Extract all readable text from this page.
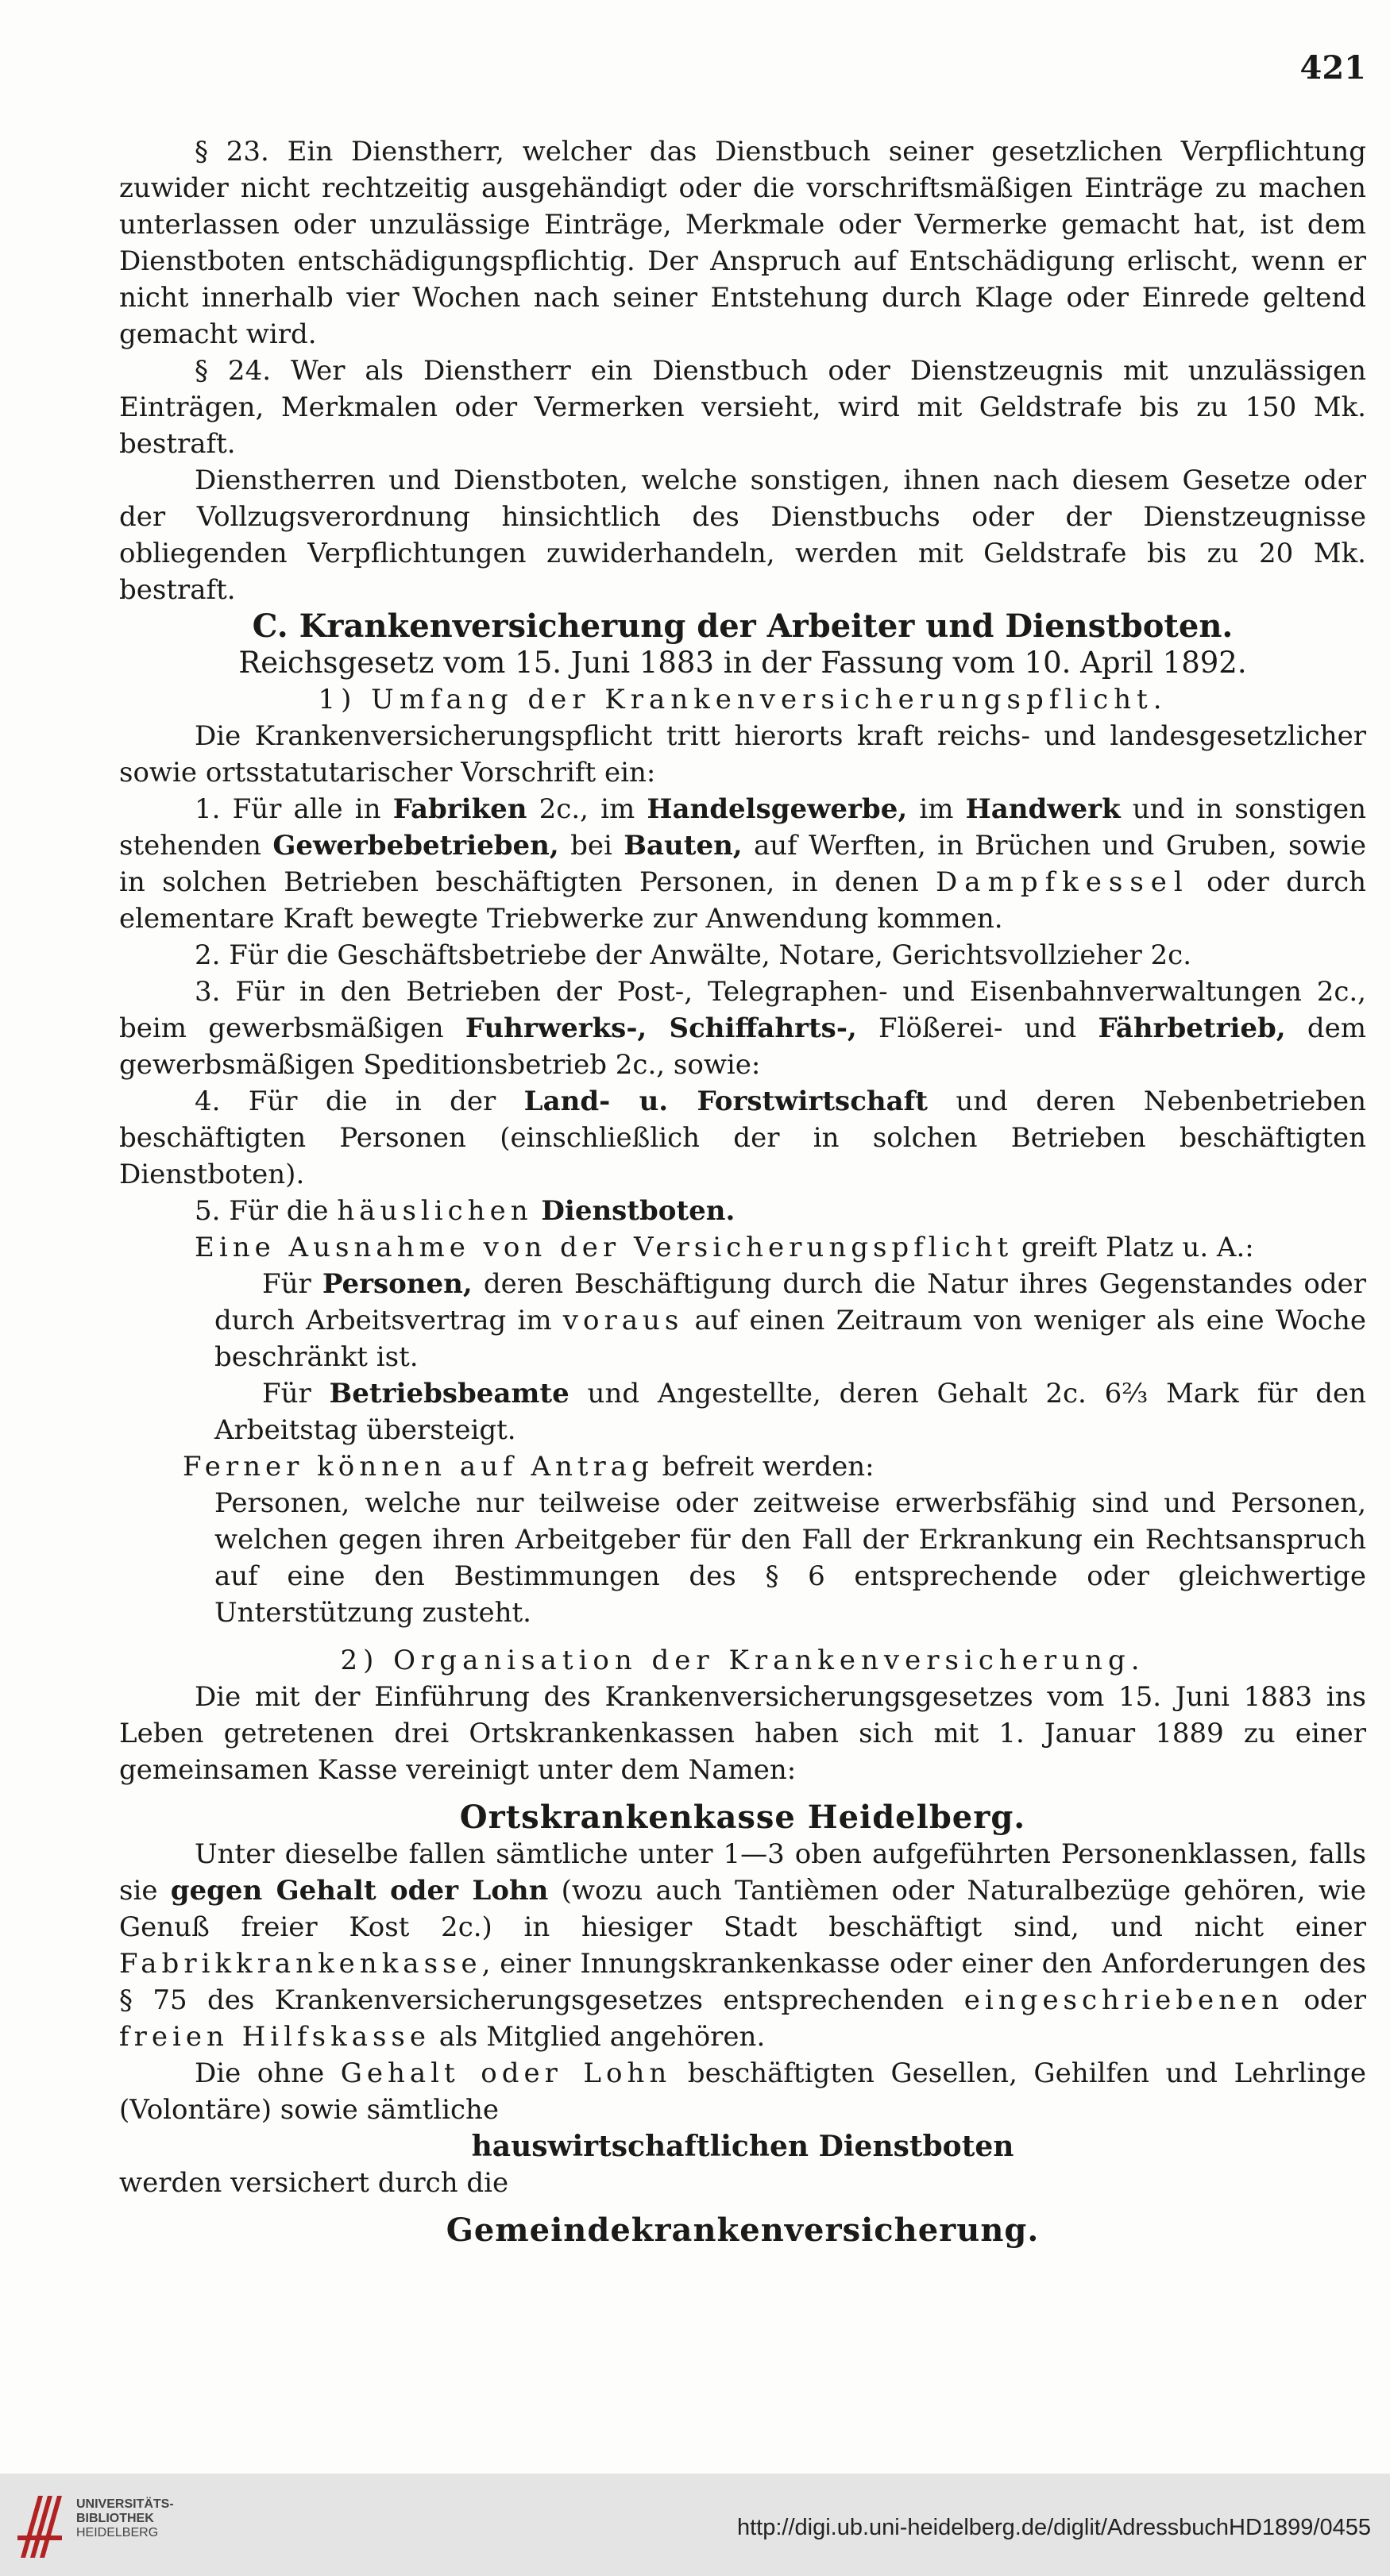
421

§ 23. Ein Dienstherr, welcher das Dienstbuch seiner gesetzlichen Verpflichtung zuwider nicht rechtzeitig ausgehändigt oder die vorschriftsmäßigen Einträge zu machen unterlassen oder unzulässige Einträge, Merkmale oder Vermerke gemacht hat, ist dem Dienstboten entschädigungspflichtig. Der Anspruch auf Entschädigung erlischt, wenn er nicht innerhalb vier Wochen nach seiner Entstehung durch Klage oder Einrede geltend gemacht wird.

§ 24. Wer als Dienstherr ein Dienstbuch oder Dienstzeugnis mit unzulässigen Einträgen, Merkmalen oder Vermerken versieht, wird mit Geldstrafe bis zu 150 Mk. bestraft.

Dienstherren und Dienstboten, welche sonstigen, ihnen nach diesem Gesetze oder der Vollzugsverordnung hinsichtlich des Dienstbuchs oder der Dienstzeugnisse obliegenden Verpflichtungen zuwiderhandeln, werden mit Geldstrafe bis zu 20 Mk. bestraft.

C. Krankenversicherung der Arbeiter und Dienstboten.

Reichsgesetz vom 15. Juni 1883 in der Fassung vom 10. April 1892.

1) Umfang der Krankenversicherungspflicht.

Die Krankenversicherungspflicht tritt hierorts kraft reichs- und landesgesetzlicher sowie ortsstatutarischer Vorschrift ein:

1. Für alle in Fabriken 2c., im Handelsgewerbe, im Handwerk und in sonstigen stehenden Gewerbebetrieben, bei Bauten, auf Werften, in Brüchen und Gruben, sowie in solchen Betrieben beschäftigten Personen, in denen Dampfkessel oder durch elementare Kraft bewegte Triebwerke zur Anwendung kommen.

2. Für die Geschäftsbetriebe der Anwälte, Notare, Gerichtsvollzieher 2c.

3. Für in den Betrieben der Post-, Telegraphen- und Eisenbahnverwaltungen 2c., beim gewerbsmäßigen Fuhrwerks-, Schiffahrts-, Flößerei- und Fährbetrieb, dem gewerbsmäßigen Speditionsbetrieb 2c., sowie:

4. Für die in der Land- u. Forstwirtschaft und deren Nebenbetrieben beschäftigten Personen (einschließlich der in solchen Betrieben beschäftigten Dienstboten).

5. Für die häuslichen Dienstboten.

Eine Ausnahme von der Versicherungspflicht greift Platz u. A.:

Für Personen, deren Beschäftigung durch die Natur ihres Gegenstandes oder durch Arbeitsvertrag im voraus auf einen Zeitraum von weniger als eine Woche beschränkt ist.

Für Betriebsbeamte und Angestellte, deren Gehalt 2c. 6⅔ Mark für den Arbeitstag übersteigt.

Ferner können auf Antrag befreit werden:

Personen, welche nur teilweise oder zeitweise erwerbsfähig sind und Personen, welchen gegen ihren Arbeitgeber für den Fall der Erkrankung ein Rechtsanspruch auf eine den Bestimmungen des § 6 entsprechende oder gleichwertige Unterstützung zusteht.

2) Organisation der Krankenversicherung.

Die mit der Einführung des Krankenversicherungsgesetzes vom 15. Juni 1883 ins Leben getretenen drei Ortskrankenkassen haben sich mit 1. Januar 1889 zu einer gemeinsamen Kasse vereinigt unter dem Namen:

Ortskrankenkasse Heidelberg.

Unter dieselbe fallen sämtliche unter 1—3 oben aufgeführten Personenklassen, falls sie gegen Gehalt oder Lohn (wozu auch Tantièmen oder Naturalbezüge gehören, wie Genuß freier Kost 2c.) in hiesiger Stadt beschäftigt sind, und nicht einer Fabrikkrankenkasse, einer Innungskrankenkasse oder einer den Anforderungen des § 75 des Krankenversicherungsgesetzes entsprechenden eingeschriebenen oder freien Hilfskasse als Mitglied angehören.

Die ohne Gehalt oder Lohn beschäftigten Gesellen, Gehilfen und Lehrlinge (Volontäre) sowie sämtliche

hauswirtschaftlichen Dienstboten

werden versichert durch die

Gemeindekrankenversicherung.

UNIVERSITÄTS-
BIBLIOTHEK
HEIDELBERG	http://digi.ub.uni-heidelberg.de/diglit/AdressbuchHD1899/0455
